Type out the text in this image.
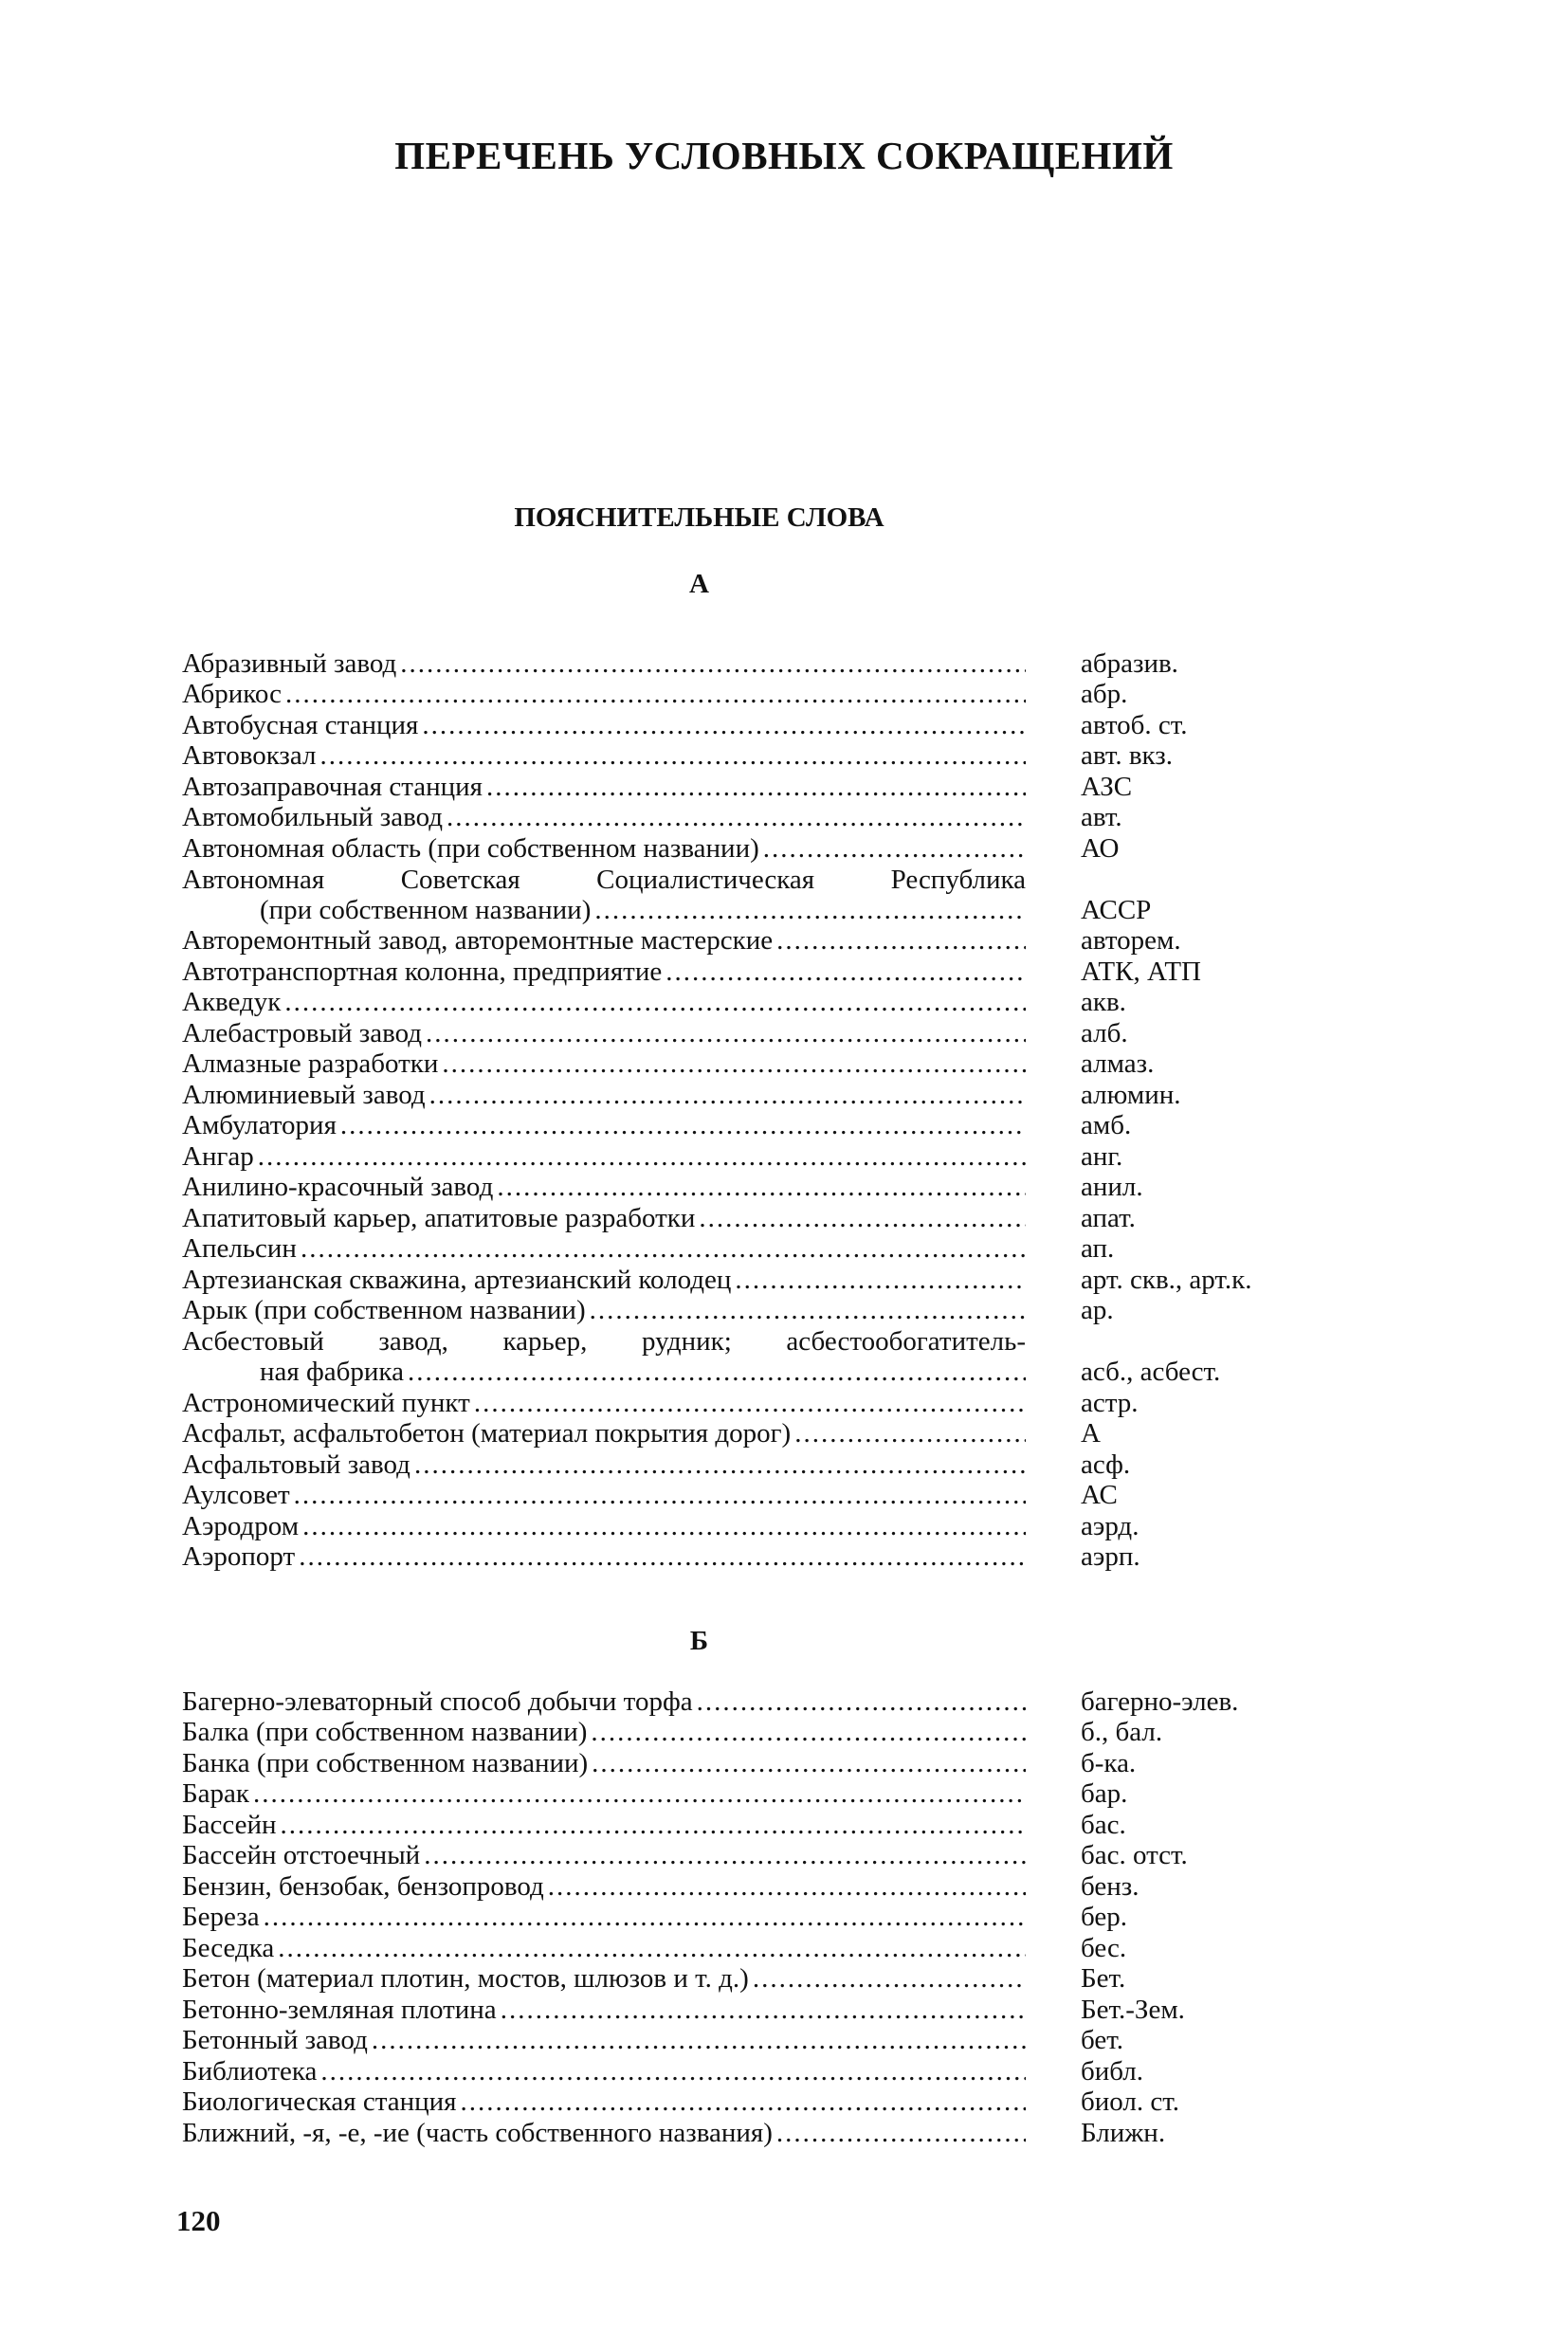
ПЕРЕЧЕНЬ УСЛОВНЫХ СОКРАЩЕНИЙ
ПОЯСНИТЕЛЬНЫЕ СЛОВА
А
Абразивный завод .....	абразив.
Абрикос .....	абр.
Автобусная станция .....	автоб. ст.
Автовокзал .....	авт. вкз.
Автозаправочная станция .....	АЗС
Автомобильный завод .....	авт.
Автономная область (при собственном названии) .....	АО
Автономная Советская Социалистическая Республика
(при собственном названии) .....	АССР
Авторемонтный завод, авторемонтные мастерские .....	авторем.
Автотранспортная колонна, предприятие .....	АТК, АТП
Акведук .....	акв.
Алебастровый завод .....	алб.
Алмазные разработки .....	алмаз.
Алюминиевый завод .....	алюмин.
Амбулатория .....	амб.
Ангар .....	анг.
Анилино-красочный завод .....	анил.
Апатитовый карьер, апатитовые разработки .....	апат.
Апельсин .....	ап.
Артезианская скважина, артезианский колодец .....	арт. скв., арт.к.
Арык (при собственном названии) .....	ар.
Асбестовый завод, карьер, рудник; асбестообогатитель-
ная фабрика .....	асб., асбест.
Астрономический пункт .....	астр.
Асфальт, асфальтобетон (материал покрытия дорог) .....	А
Асфальтовый завод .....	асф.
Аулсовет .....	АС
Аэродром .....	аэрд.
Аэропорт .....	аэрп.
Б
Багерно-элеваторный способ добычи торфа .....	багерно-элев.
Балка (при собственном названии) .....	б., бал.
Банка (при собственном названии) .....	б-ка.
Барак .....	бар.
Бассейн .....	бас.
Бассейн отстоечный .....	бас. отст.
Бензин, бензобак, бензопровод .....	бенз.
Береза .....	бер.
Беседка .....	бес.
Бетон (материал плотин, мостов, шлюзов и т. д.) .....	Бет.
Бетонно-земляная плотина .....	Бет.-Зем.
Бетонный завод .....	бет.
Библиотека .....	библ.
Биологическая станция .....	биол. ст.
Ближний, -я, -е, -ие (часть собственного названия) .....	Ближн.
120
